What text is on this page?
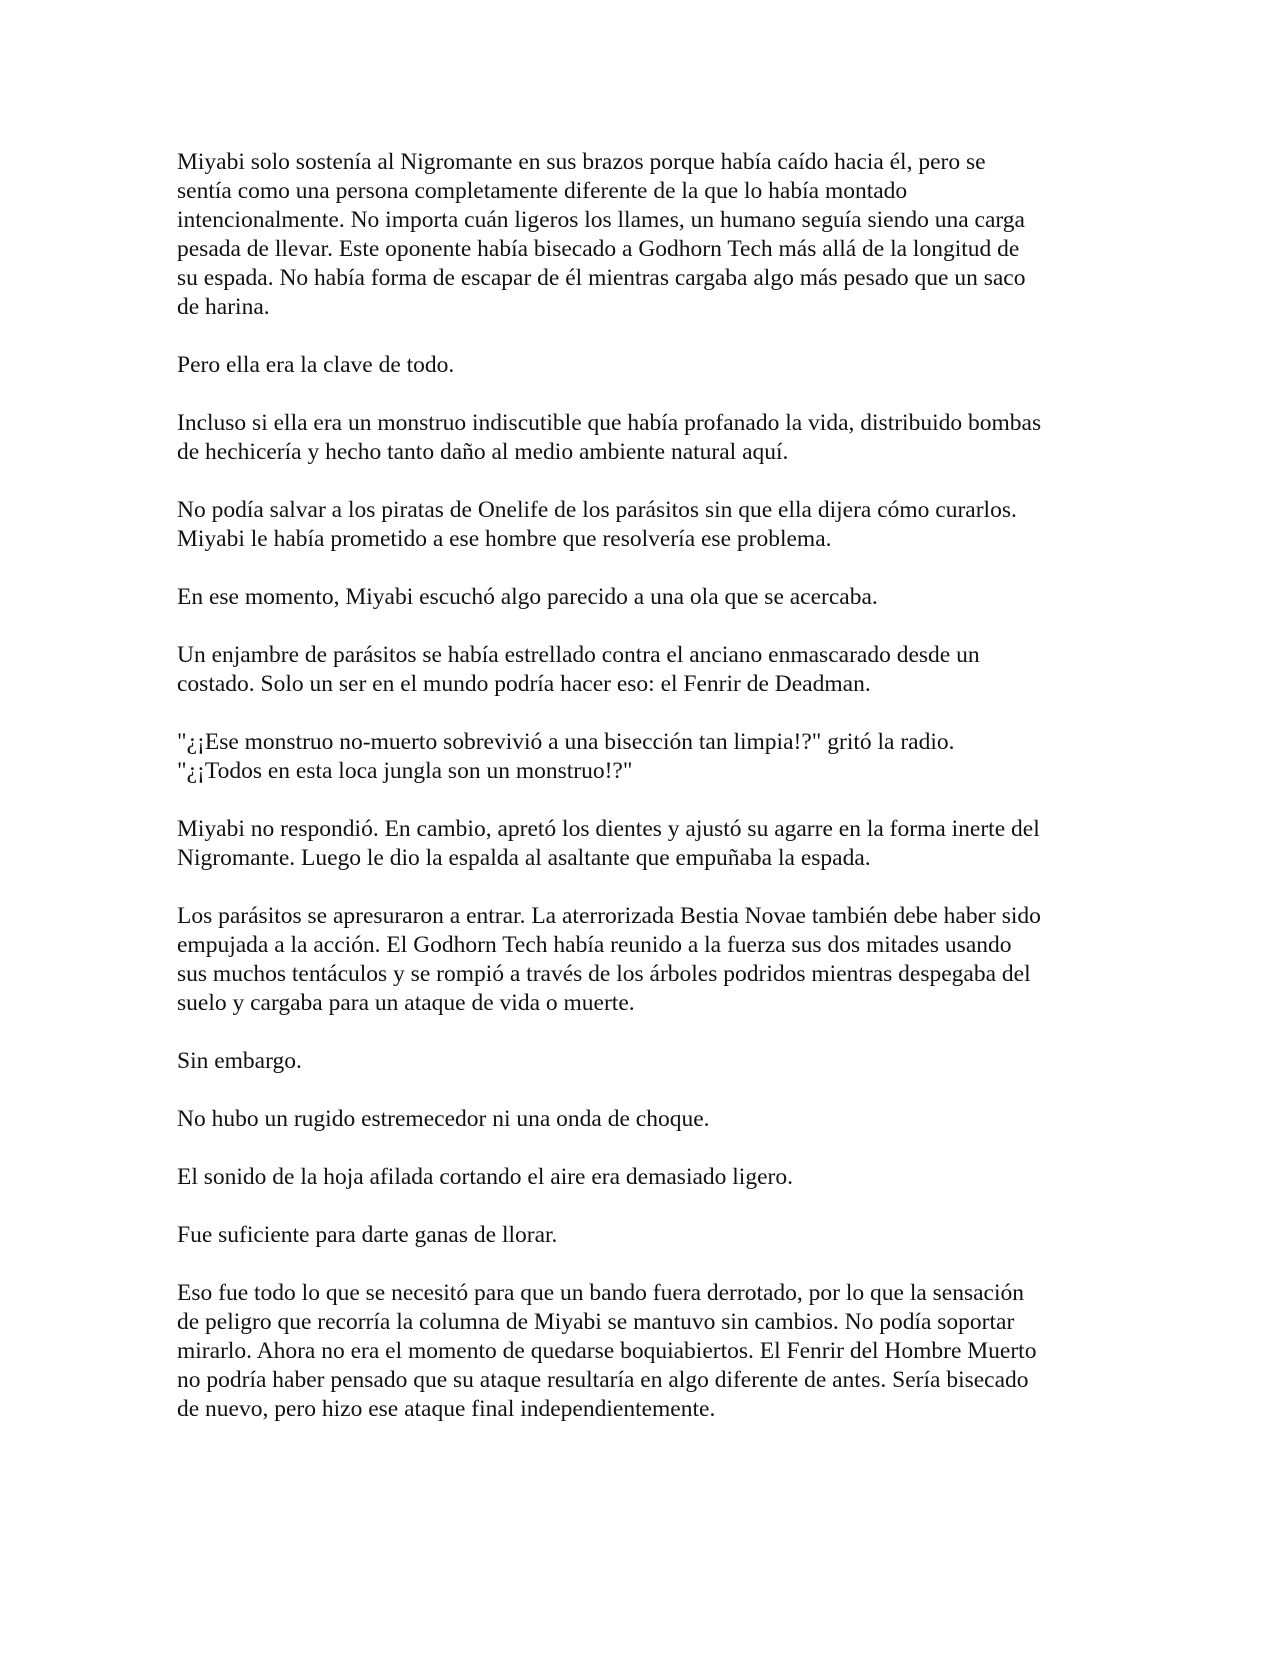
Miyabi solo sostenía al Nigromante en sus brazos porque había caído hacia él, pero se
sentía como una persona completamente diferente de la que lo había montado
intencionalmente. No importa cuán ligeros los llames, un humano seguía siendo una carga
pesada de llevar. Este oponente había bisecado a Godhorn Tech más allá de la longitud de
su espada. No había forma de escapar de él mientras cargaba algo más pesado que un saco
de harina.

Pero ella era la clave de todo.

Incluso si ella era un monstruo indiscutible que había profanado la vida, distribuido bombas
de hechicería y hecho tanto daño al medio ambiente natural aquí.

No podía salvar a los piratas de Onelife de los parásitos sin que ella dijera cómo curarlos.
Miyabi le había prometido a ese hombre que resolvería ese problema.

En ese momento, Miyabi escuchó algo parecido a una ola que se acercaba.

Un enjambre de parásitos se había estrellado contra el anciano enmascarado desde un
costado. Solo un ser en el mundo podría hacer eso: el Fenrir de Deadman.

"¿¡Ese monstruo no-muerto sobrevivió a una bisección tan limpia!?" gritó la radio.
"¿¡Todos en esta loca jungla son un monstruo!?"

Miyabi no respondió. En cambio, apretó los dientes y ajustó su agarre en la forma inerte del
Nigromante. Luego le dio la espalda al asaltante que empuñaba la espada.

Los parásitos se apresuraron a entrar. La aterrorizada Bestia Novae también debe haber sido
empujada a la acción. El Godhorn Tech había reunido a la fuerza sus dos mitades usando
sus muchos tentáculos y se rompió a través de los árboles podridos mientras despegaba del
suelo y cargaba para un ataque de vida o muerte.

Sin embargo.

No hubo un rugido estremecedor ni una onda de choque.

El sonido de la hoja afilada cortando el aire era demasiado ligero.

Fue suficiente para darte ganas de llorar.

Eso fue todo lo que se necesitó para que un bando fuera derrotado, por lo que la sensación
de peligro que recorría la columna de Miyabi se mantuvo sin cambios. No podía soportar
mirarlo. Ahora no era el momento de quedarse boquiabiertos. El Fenrir del Hombre Muerto
no podría haber pensado que su ataque resultaría en algo diferente de antes. Sería bisecado
de nuevo, pero hizo ese ataque final independientemente.
